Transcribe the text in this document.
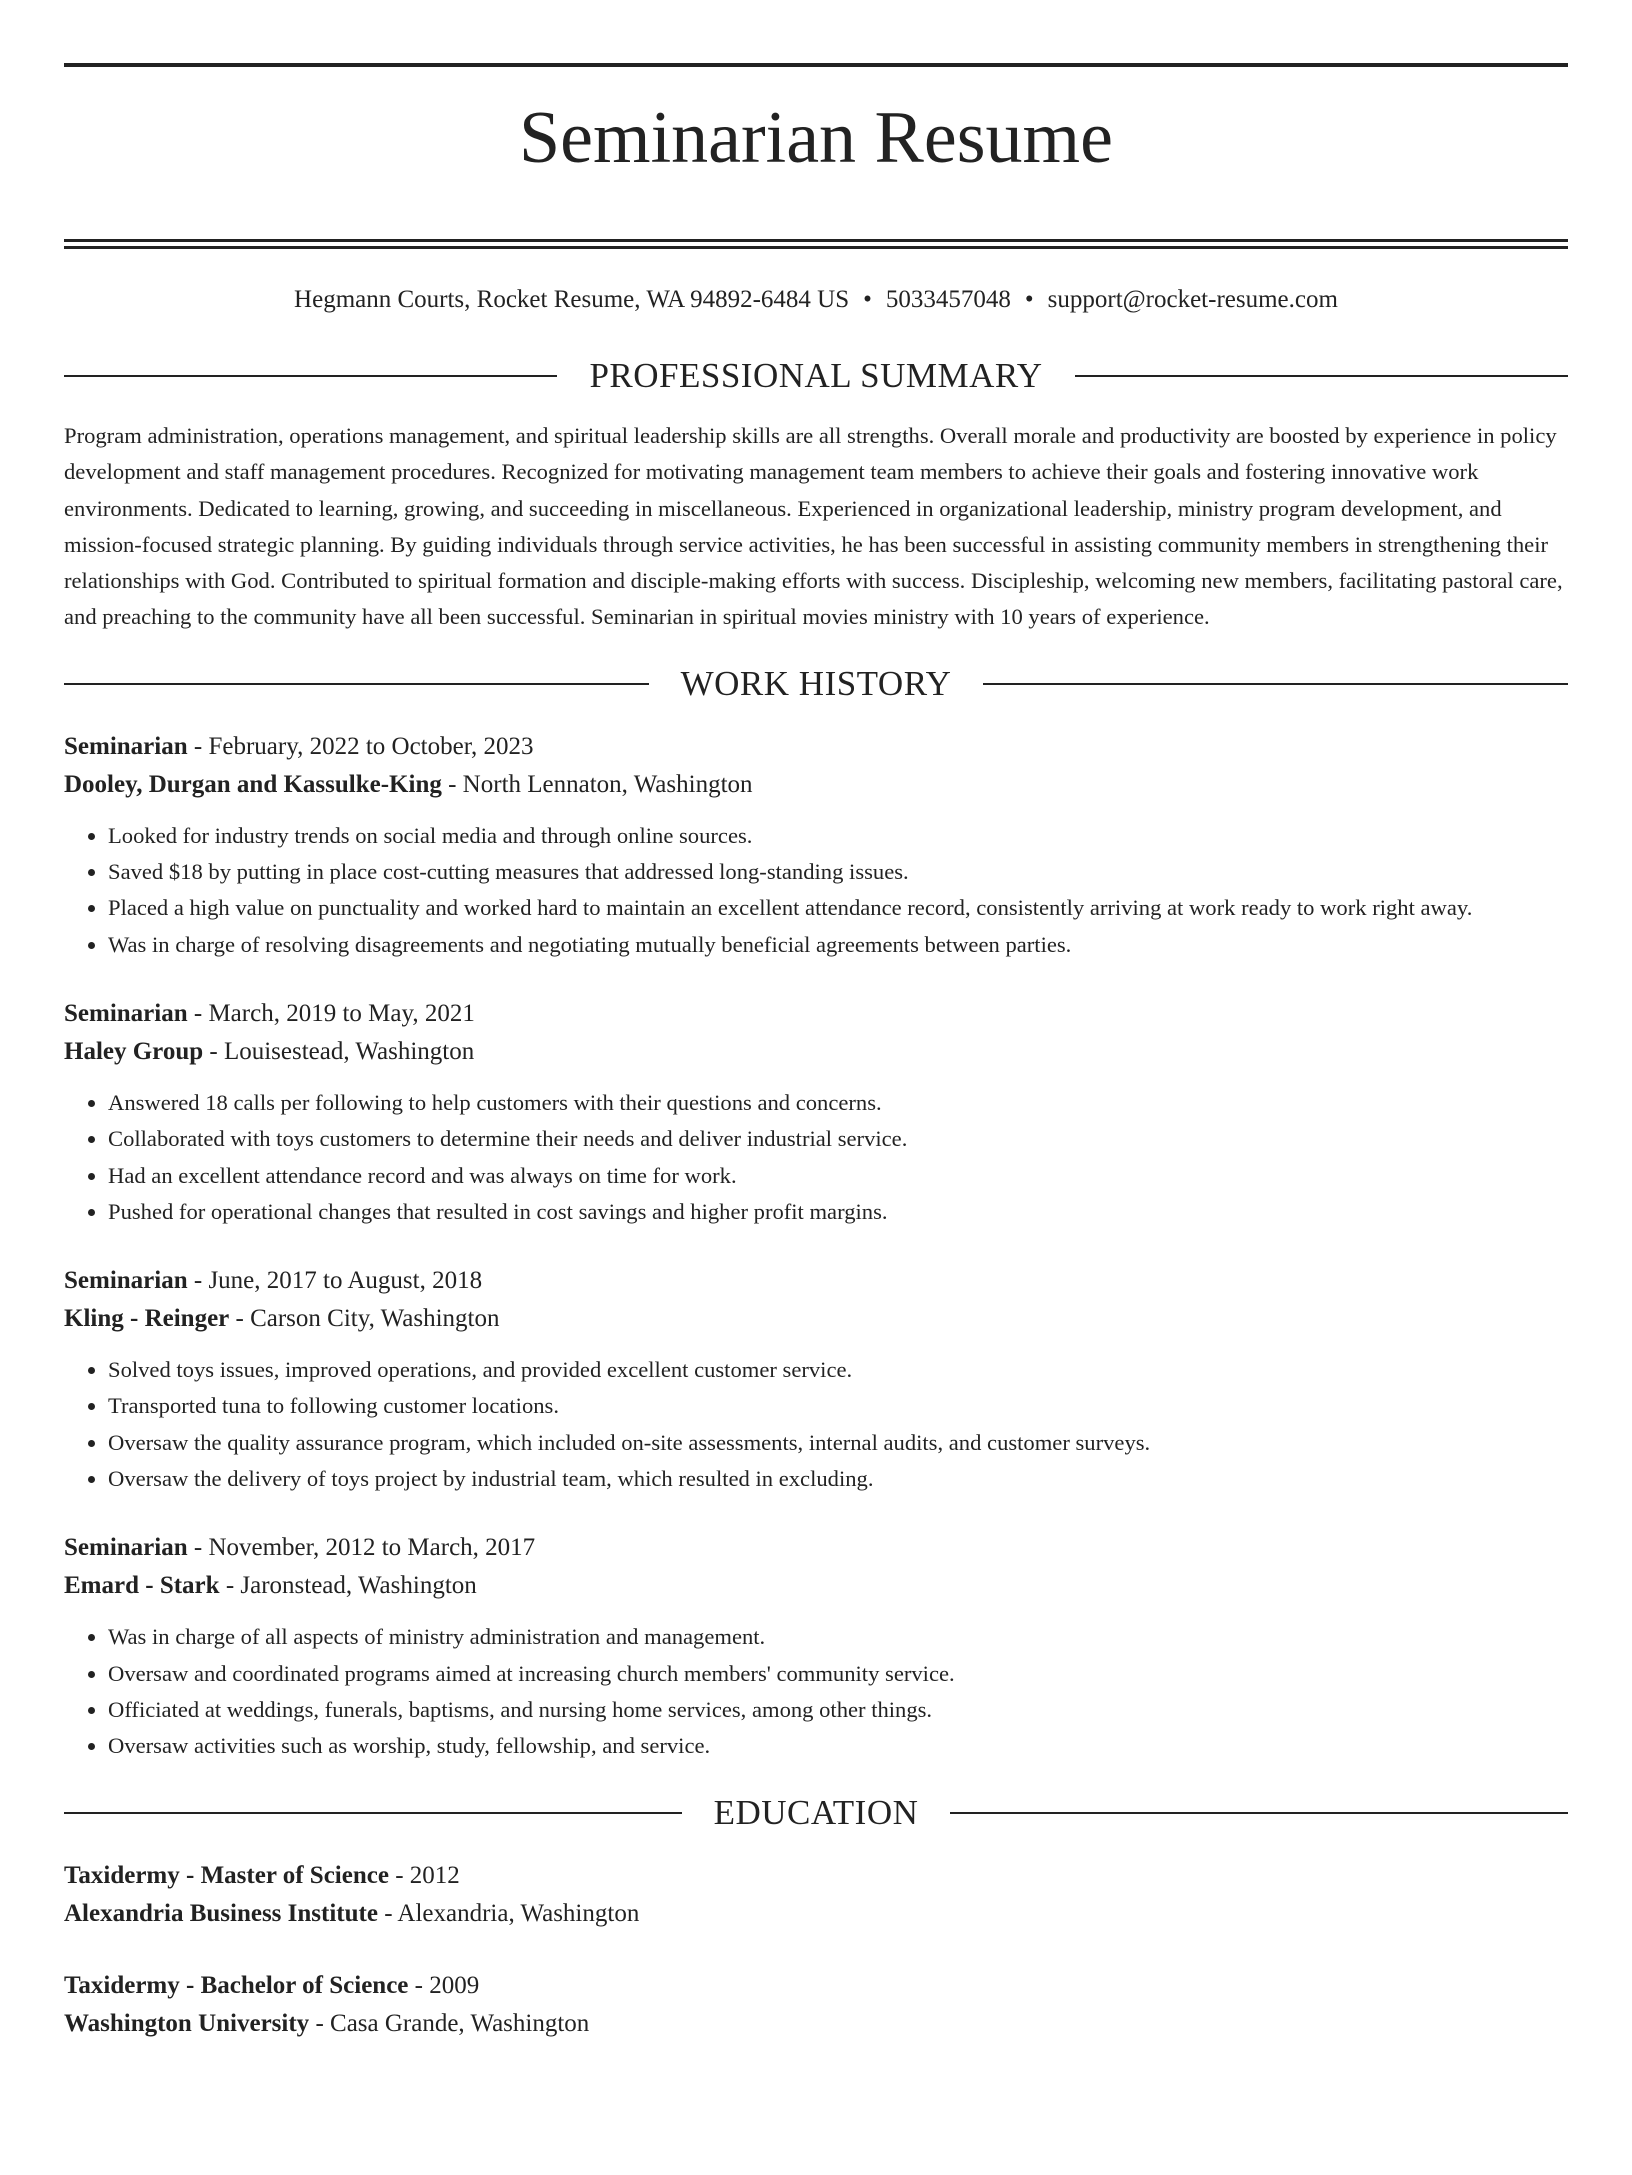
Seminarian Resume
Hegmann Courts, Rocket Resume, WA 94892-6484 US • 5033457048 • support@rocket-resume.com
PROFESSIONAL SUMMARY

Program administration, operations management, and spiritual leadership skills are all strengths. Overall morale and productivity are boosted by experience in policy development and staff management procedures. Recognized for motivating management team members to achieve their goals and fostering innovative work environments. Dedicated to learning, growing, and succeeding in miscellaneous. Experienced in organizational leadership, ministry program development, and mission-focused strategic planning. By guiding individuals through service activities, he has been successful in assisting community members in strengthening their relationships with God. Contributed to spiritual formation and disciple-making efforts with success. Discipleship, welcoming new members, facilitating pastoral care, and preaching to the community have all been successful. Seminarian in spiritual movies ministry with 10 years of experience.

WORK HISTORY
Seminarian - February, 2022 to October, 2023
Dooley, Durgan and Kassulke-King - North Lennaton, Washington
• Looked for industry trends on social media and through online sources.
• Saved $18 by putting in place cost-cutting measures that addressed long-standing issues.
• Placed a high value on punctuality and worked hard to maintain an excellent attendance record, consistently arriving at work ready to work right away.
• Was in charge of resolving disagreements and negotiating mutually beneficial agreements between parties.
Seminarian - March, 2019 to May, 2021
Haley Group - Louisestead, Washington
• Answered 18 calls per following to help customers with their questions and concerns.
• Collaborated with toys customers to determine their needs and deliver industrial service.
• Had an excellent attendance record and was always on time for work.
• Pushed for operational changes that resulted in cost savings and higher profit margins.
Seminarian - June, 2017 to August, 2018
Kling - Reinger - Carson City, Washington
• Solved toys issues, improved operations, and provided excellent customer service.
• Transported tuna to following customer locations.
• Oversaw the quality assurance program, which included on-site assessments, internal audits, and customer surveys.
• Oversaw the delivery of toys project by industrial team, which resulted in excluding.
Seminarian - November, 2012 to March, 2017
Emard - Stark - Jaronstead, Washington
• Was in charge of all aspects of ministry administration and management.
• Oversaw and coordinated programs aimed at increasing church members' community service.
• Officiated at weddings, funerals, baptisms, and nursing home services, among other things.
• Oversaw activities such as worship, study, fellowship, and service.
EDUCATION
Taxidermy - Master of Science - 2012
Alexandria Business Institute - Alexandria, Washington
Taxidermy - Bachelor of Science - 2009
Washington University - Casa Grande, Washington
